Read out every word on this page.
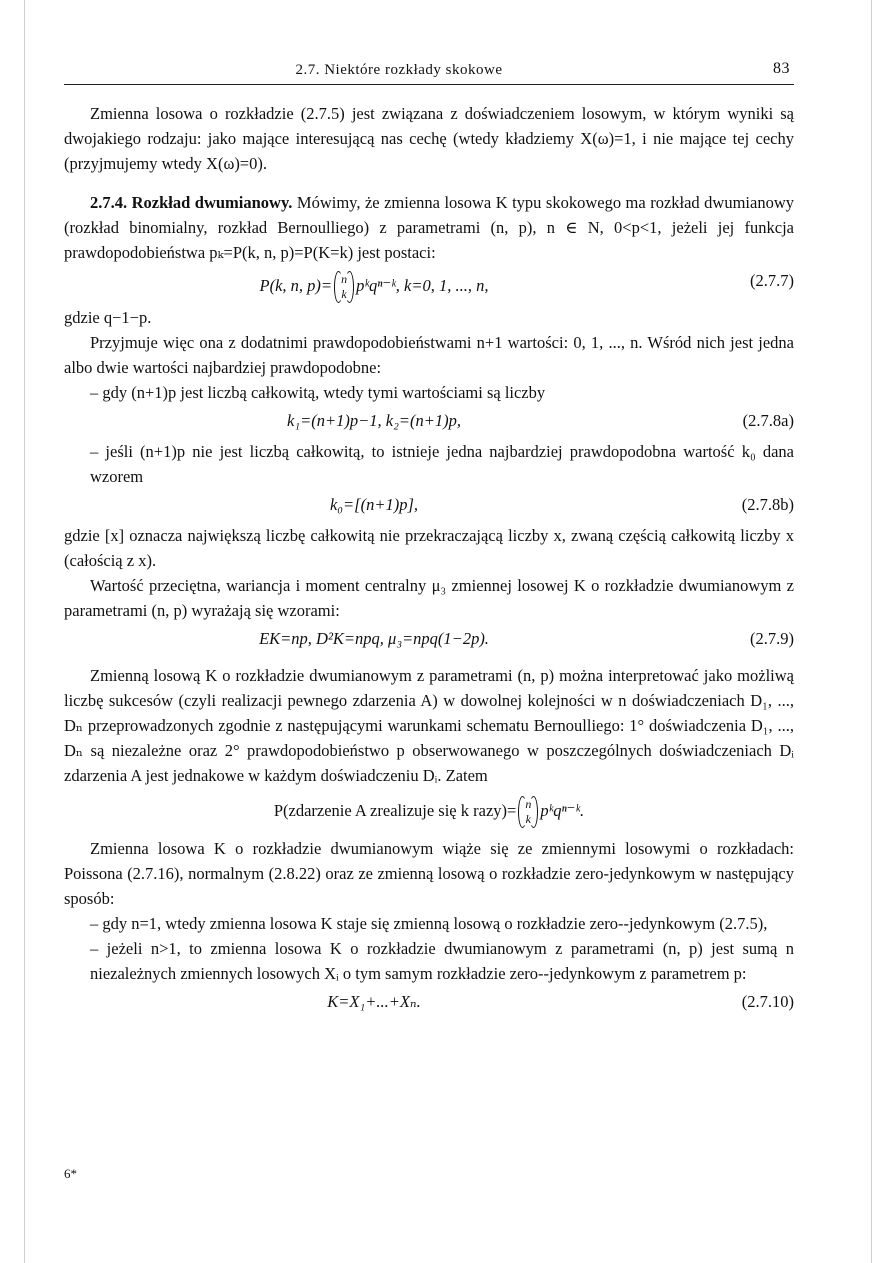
2.7. Niektóre rozkłady skokowe	83

Zmienna losowa o rozkładzie (2.7.5) jest związana z doświadczeniem losowym, w którym wyniki są dwojakiego rodzaju: jako mające interesującą nas cechę (wtedy kładziemy X(ω)=1, i nie mające tej cechy (przyjmujemy wtedy X(ω)=0).

2.7.4. Rozkład dwumianowy. Mówimy, że zmienna losowa K typu skokowego ma rozkład dwumianowy (rozkład binomialny, rozkład Bernoulliego) z parametrami (n, p), n ∈ N, 0<p<1, jeżeli jej funkcja prawdopodobieństwa pₖ=P(k, n, p)=P(K=k) jest postaci:

P(k, n, p)= n
k pᵏqⁿ⁻ᵏ, k=0, 1, ..., n,	(2.7.7)

gdzie q−1−p.

Przyjmuje więc ona z dodatnimi prawdopodobieństwami n+1 wartości: 0, 1, ..., n. Wśród nich jest jedna albo dwie wartości najbardziej prawdopodobne:

– gdy (n+1)p jest liczbą całkowitą, wtedy tymi wartościami są liczby

k₁=(n+1)p−1, k₂=(n+1)p,	(2.7.8a)

– jeśli (n+1)p nie jest liczbą całkowitą, to istnieje jedna najbardziej prawdopodobna wartość k₀ dana wzorem

k₀=[(n+1)p],	(2.7.8b)

gdzie [x] oznacza największą liczbę całkowitą nie przekraczającą liczby x, zwaną częścią całkowitą liczby x (całością z x).

Wartość przeciętna, wariancja i moment centralny μ₃ zmiennej losowej K o rozkładzie dwumianowym z parametrami (n, p) wyrażają się wzorami:

EK=np, D²K=npq, μ₃=npq(1−2p).	(2.7.9)

Zmienną losową K o rozkładzie dwumianowym z parametrami (n, p) można interpretować jako możliwą liczbę sukcesów (czyli realizacji pewnego zdarzenia A) w dowolnej kolejności w n doświadczeniach D₁, ..., Dₙ przeprowadzonych zgodnie z następującymi warunkami schematu Bernoulliego: 1° doświadczenia D₁, ..., Dₙ są niezależne oraz 2° prawdopodobieństwo p obserwowanego w poszczególnych doświadczeniach Dᵢ zdarzenia A jest jednakowe w każdym doświadczeniu Dᵢ. Zatem

P(zdarzenie A zrealizuje się k razy)= n
k pᵏqⁿ⁻ᵏ.

Zmienna losowa K o rozkładzie dwumianowym wiąże się ze zmiennymi losowymi o rozkładach: Poissona (2.7.16), normalnym (2.8.22) oraz ze zmienną losową o rozkładzie zero-jedynkowym w następujący sposób:

– gdy n=1, wtedy zmienna losowa K staje się zmienną losową o rozkładzie zero--jedynkowym (2.7.5),

– jeżeli n>1, to zmienna losowa K o rozkładzie dwumianowym z parametrami (n, p) jest sumą n niezależnych zmiennych losowych Xᵢ o tym samym rozkładzie zero--jedynkowym z parametrem p:

K=X₁+...+Xₙ.	(2.7.10)
6*
